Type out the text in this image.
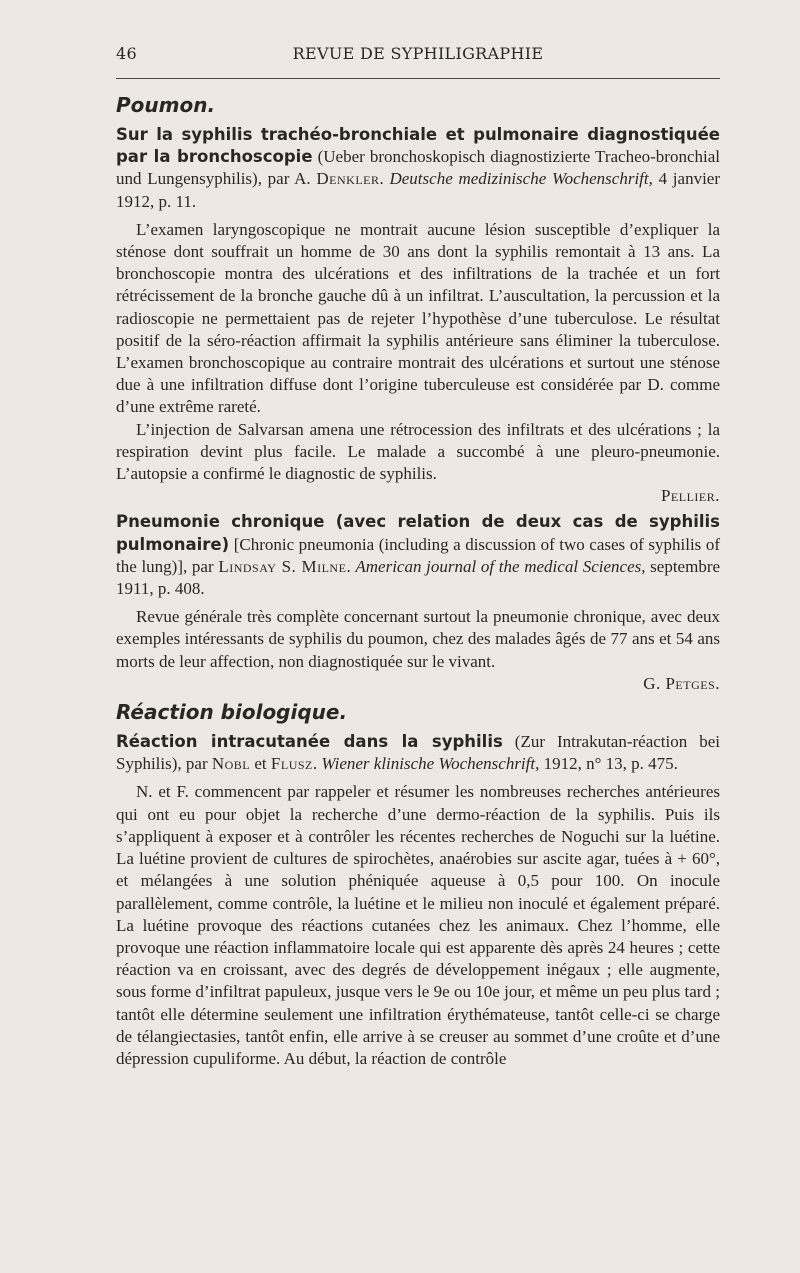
46	REVUE DE SYPHILIGRAPHIE
Poumon.

Sur la syphilis trachéo-bronchiale et pulmonaire diagnostiquée par la bronchoscopie (Ueber bronchoskopisch diagnostizierte Tracheo-bronchial und Lungensyphilis), par A. Denkler. Deutsche medizinische Wochenschrift, 4 janvier 1912, p. 11.

L’examen laryngoscopique ne montrait aucune lésion susceptible d’expliquer la sténose dont souffrait un homme de 30 ans dont la syphilis remontait à 13 ans. La bronchoscopie montra des ulcérations et des infiltrations de la trachée et un fort rétrécissement de la bronche gauche dû à un infiltrat. L’auscultation, la percussion et la radioscopie ne permettaient pas de rejeter l’hypothèse d’une tuberculose. Le résultat positif de la séro-réaction affirmait la syphilis antérieure sans éliminer la tuberculose. L’examen bronchoscopique au contraire montrait des ulcérations et surtout une sténose due à une infiltration diffuse dont l’origine tuberculeuse est considérée par D. comme d’une extrême rareté.

L’injection de Salvarsan amena une rétrocession des infiltrats et des ulcérations ; la respiration devint plus facile. Le malade a succombé à une pleuro-pneumonie. L’autopsie a confirmé le diagnostic de syphilis.

Pellier.

Pneumonie chronique (avec relation de deux cas de syphilis pulmonaire) [Chronic pneumonia (including a discussion of two cases of syphilis of the lung)], par Lindsay S. Milne. American journal of the medical Sciences, septembre 1911, p. 408.

Revue générale très complète concernant surtout la pneumonie chronique, avec deux exemples intéressants de syphilis du poumon, chez des malades âgés de 77 ans et 54 ans morts de leur affection, non diagnostiquée sur le vivant.

G. Petges.

Réaction biologique.

Réaction intracutanée dans la syphilis (Zur Intrakutan-réaction bei Syphilis), par Nobl et Flusz. Wiener klinische Wochenschrift, 1912, n° 13, p. 475.

N. et F. commencent par rappeler et résumer les nombreuses recherches antérieures qui ont eu pour objet la recherche d’une dermo-réaction de la syphilis. Puis ils s’appliquent à exposer et à contrôler les récentes recherches de Noguchi sur la luétine. La luétine provient de cultures de spirochètes, anaérobies sur ascite agar, tuées à + 60°, et mélangées à une solution phéniquée aqueuse à 0,5 pour 100. On inocule parallèlement, comme contrôle, la luétine et le milieu non inoculé et également préparé. La luétine provoque des réactions cutanées chez les animaux. Chez l’homme, elle provoque une réaction inflammatoire locale qui est apparente dès après 24 heures ; cette réaction va en croissant, avec des degrés de développement inégaux ; elle augmente, sous forme d’infiltrat papuleux, jusque vers le 9e ou 10e jour, et même un peu plus tard ; tantôt elle détermine seulement une infiltration érythémateuse, tantôt celle-ci se charge de télangiectasies, tantôt enfin, elle arrive à se creuser au sommet d’une croûte et d’une dépression cupuliforme. Au début, la réaction de contrôle
